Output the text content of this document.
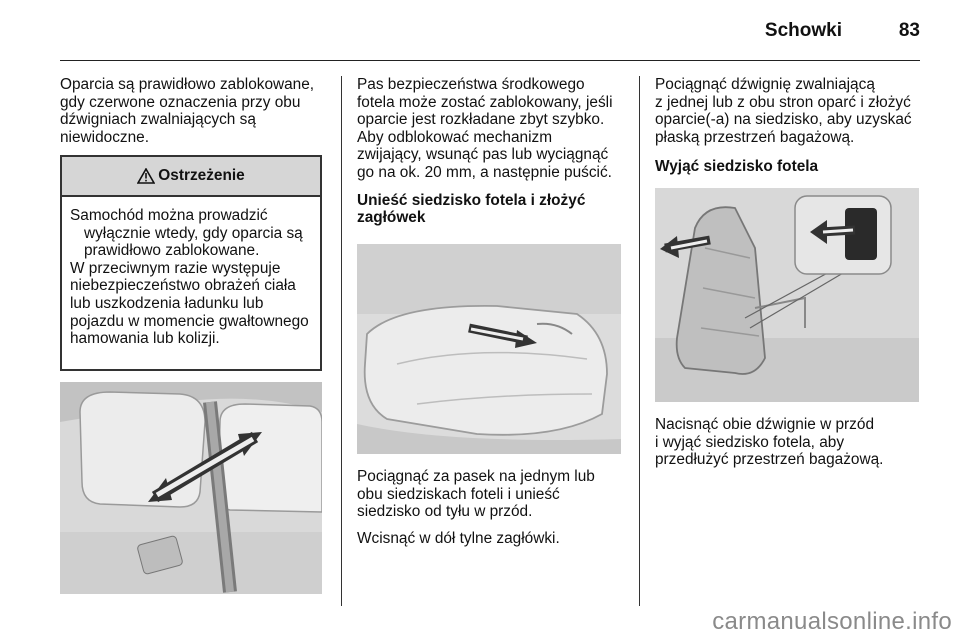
Schowki	83

Oparcia są prawidłowo zablokowane,
gdy czerwone oznaczenia przy obu
dźwigniach zwalniających są
niewidoczne.

Ostrzeżenie

Samochód można prowadzić wyłącznie wtedy, gdy oparcia są prawidłowo zablokowane.

W przeciwnym razie występuje niebezpieczeństwo obrażeń ciała lub uszkodzenia ładunku lub pojazdu w momencie gwałtownego hamowania lub kolizji.

Pas bezpieczeństwa środkowego
fotela może zostać zablokowany, jeśli
oparcie jest rozkładane zbyt szybko.
Aby odblokować mechanizm
zwijający, wsunąć pas lub wyciągnąć
go na ok. 20 mm, a następnie puścić.

Unieść siedzisko fotela i złożyć
zagłówek

Pociągnąć za pasek na jednym lub
obu siedziskach foteli i unieść
siedzisko od tyłu w przód.

Wcisnąć w dół tylne zagłówki.

Pociągnąć dźwignię zwalniającą
z jednej lub z obu stron oparć i złożyć
oparcie(-a) na siedzisko, aby uzyskać
płaską przestrzeń bagażową.

Wyjąć siedzisko fotela

Nacisnąć obie dźwignie w przód
i wyjąć siedzisko fotela, aby
przedłużyć przestrzeń bagażową.

carmanualsonline.info
